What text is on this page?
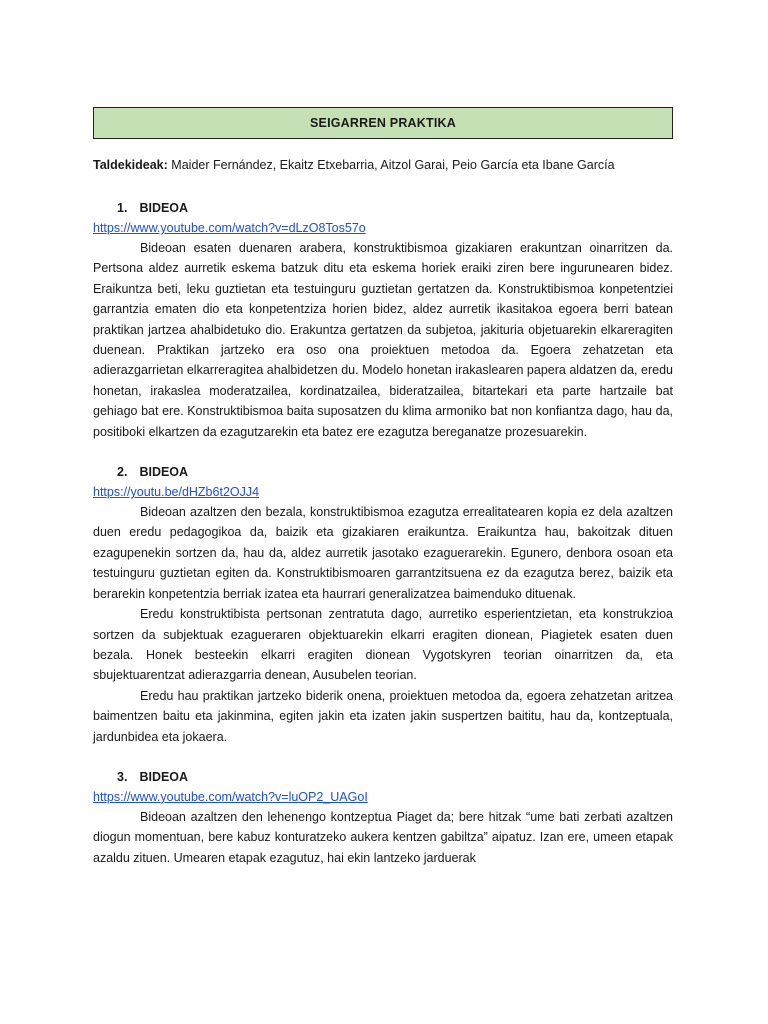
SEIGARREN PRAKTIKA
Taldekideak: Maider Fernández, Ekaitz Etxebarria, Aitzol Garai, Peio García eta Ibane García
1. BIDEOA
https://www.youtube.com/watch?v=dLzO8Tos57o

Bideoan esaten duenaren arabera, konstruktibismoa gizakiaren erakuntzan oinarritzen da. Pertsona aldez aurretik eskema batzuk ditu eta eskema horiek eraiki ziren bere ingurunearen bidez. Eraikuntza beti, leku guztietan eta testuinguru guztietan gertatzen da. Konstruktibismoa konpetentziei garrantzia ematen dio eta konpetentziza horien bidez, aldez aurretik ikasitakoa egoera berri batean praktikan jartzea ahalbidetuko dio. Erakuntza gertatzen da subjetoa, jakituria objetuarekin elkareragiten duenean. Praktikan jartzeko era oso ona proiektuen metodoa da. Egoera zehatzetan eta adierazgarrietan elkarreragitea ahalbidetzen du. Modelo honetan irakaslearen papera aldatzen da, eredu honetan, irakaslea moderatzailea, kordinatzailea, bideratzailea, bitartekari eta parte hartzaile bat gehiago bat ere. Konstruktibismoa baita suposatzen du klima armoniko bat non konfiantza dago, hau da, positiboki elkartzen da ezagutzarekin eta batez ere ezagutza bereganatze prozesuarekin.

2. BIDEOA
https://youtu.be/dHZb6t2OJJ4

Bideoan azaltzen den bezala, konstruktibismoa ezagutza errealitatearen kopia ez dela azaltzen duen eredu pedagogikoa da, baizik eta gizakiaren eraikuntza. Eraikuntza hau, bakoitzak dituen ezagupenekin sortzen da, hau da, aldez aurretik jasotako ezaguerarekin. Egunero, denbora osoan eta testuinguru guztietan egiten da. Konstruktibismoaren garrantzitsuena ez da ezagutza berez, baizik eta berarekin konpetentzia berriak izatea eta haurrari generalizatzea baimenduko dituenak.

Eredu konstruktibista pertsonan zentratuta dago, aurretiko esperientzietan, eta konstrukzioa sortzen da subjektuak ezagueraren objektuarekin elkarri eragiten dionean, Piagietek esaten duen bezala. Honek besteekin elkarri eragiten dionean Vygotskyren teorian oinarritzen da, eta sbujektuarentzat adierazgarria denean, Ausubelen teorian.

Eredu hau praktikan jartzeko biderik onena, proiektuen metodoa da, egoera zehatzetan aritzea baimentzen baitu eta jakinmina, egiten jakin eta izaten jakin suspertzen baititu, hau da, kontzeptuala, jardunbidea eta jokaera.

3. BIDEOA
https://www.youtube.com/watch?v=luOP2_UAGoI

Bideoan azaltzen den lehenengo kontzeptua Piaget da; bere hitzak “ume bati zerbati azaltzen diogun momentuan, bere kabuz konturatzeko aukera kentzen gabiltza” aipatuz. Izan ere, umeen etapak azaldu zituen. Umearen etapak ezagutuz, hai ekin lantzeko jarduerak
